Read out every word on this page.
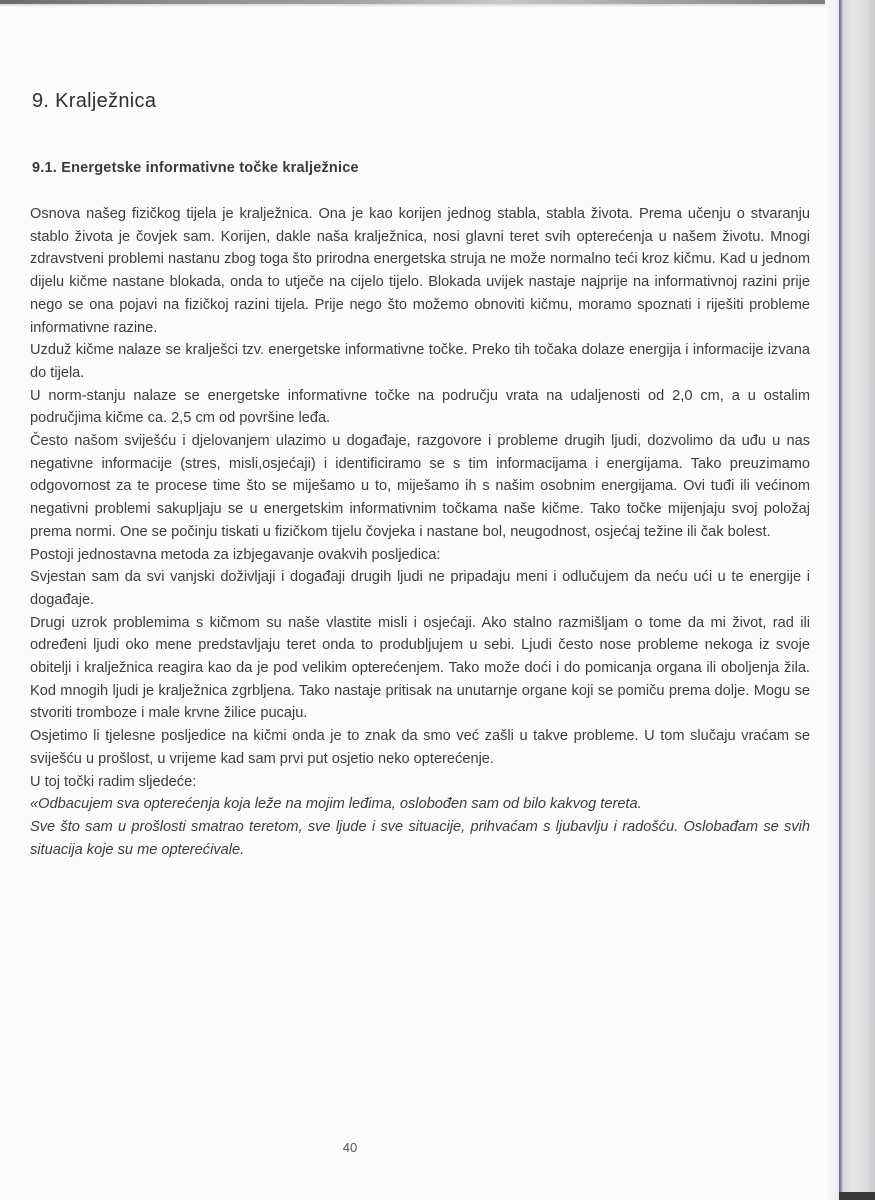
9. Kralježnica
9.1. Energetske informativne točke kralježnice

Osnova našeg fizičkog tijela je kralježnica. Ona je kao korijen jednog stabla, stabla života. Prema učenju o stvaranju stablo života je čovjek sam. Korijen, dakle naša kralježnica, nosi glavni teret svih opterećenja u našem životu. Mnogi zdravstveni problemi nastanu zbog toga što prirodna energetska struja ne može normalno teći kroz kičmu. Kad u jednom dijelu kičme nastane blokada, onda to utječe na cijelo tijelo. Blokada uvijek nastaje najprije na informativnoj razini prije nego se ona pojavi na fizičkoj razini tijela. Prije nego što možemo obnoviti kičmu, moramo spoznati i riješiti probleme informativne razine.

Uzduž kičme nalaze se kralješci tzv. energetske informativne točke. Preko tih točaka dolaze energija i informacije izvana do tijela.

U norm-stanju nalaze se energetske informativne točke na području vrata na udaljenosti od 2,0 cm, a u ostalim područjima kičme ca. 2,5 cm od površine leđa.

Često našom sviješću i djelovanjem ulazimo u događaje, razgovore i probleme drugih ljudi, dozvolimo da uđu u nas negativne informacije (stres, misli,osjećaji) i identificiramo se s tim informacijama i energijama. Tako preuzimamo odgovornost za te procese time što se miješamo u to, miješamo ih s našim osobnim energijama. Ovi tuđi ili većinom negativni problemi sakupljaju se u energetskim informativnim točkama naše kičme. Tako točke mijenjaju svoj položaj prema normi. One se počinju tiskati u fizičkom tijelu čovjeka i nastane bol, neugodnost, osjećaj težine ili čak bolest.

Postoji jednostavna metoda za izbjegavanje ovakvih posljedica:

Svjestan sam da svi vanjski doživljaji i događaji drugih ljudi ne pripadaju meni i odlučujem da neću ući u te energije i događaje.

Drugi uzrok problemima s kičmom su naše vlastite misli i osjećaji. Ako stalno razmišljam o tome da mi život, rad ili određeni ljudi oko mene predstavljaju teret onda to produbljujem u sebi. Ljudi često nose probleme nekoga iz svoje obitelji i kralježnica reagira kao da je pod velikim opterećenjem. Tako može doći i do pomicanja organa ili oboljenja žila. Kod mnogih ljudi je kralježnica zgrbljena. Tako nastaje pritisak na unutarnje organe koji se pomiču prema dolje. Mogu se stvoriti tromboze i male krvne žilice pucaju.

Osjetimo li tjelesne posljedice na kičmi onda je to znak da smo već zašli u takve probleme. U tom slučaju vraćam se sviješću u prošlost, u vrijeme kad sam prvi put osjetio neko opterećenje.

U toj točki radim sljedeće:

«Odbacujem sva opterećenja koja leže na mojim leđima, oslobođen sam od bilo kakvog tereta.

Sve što sam u prošlosti smatrao teretom, sve ljude i sve situacije, prihvaćam s ljubavlju i radošću. Oslobađam se svih situacija koje su me opterećivale.

40
